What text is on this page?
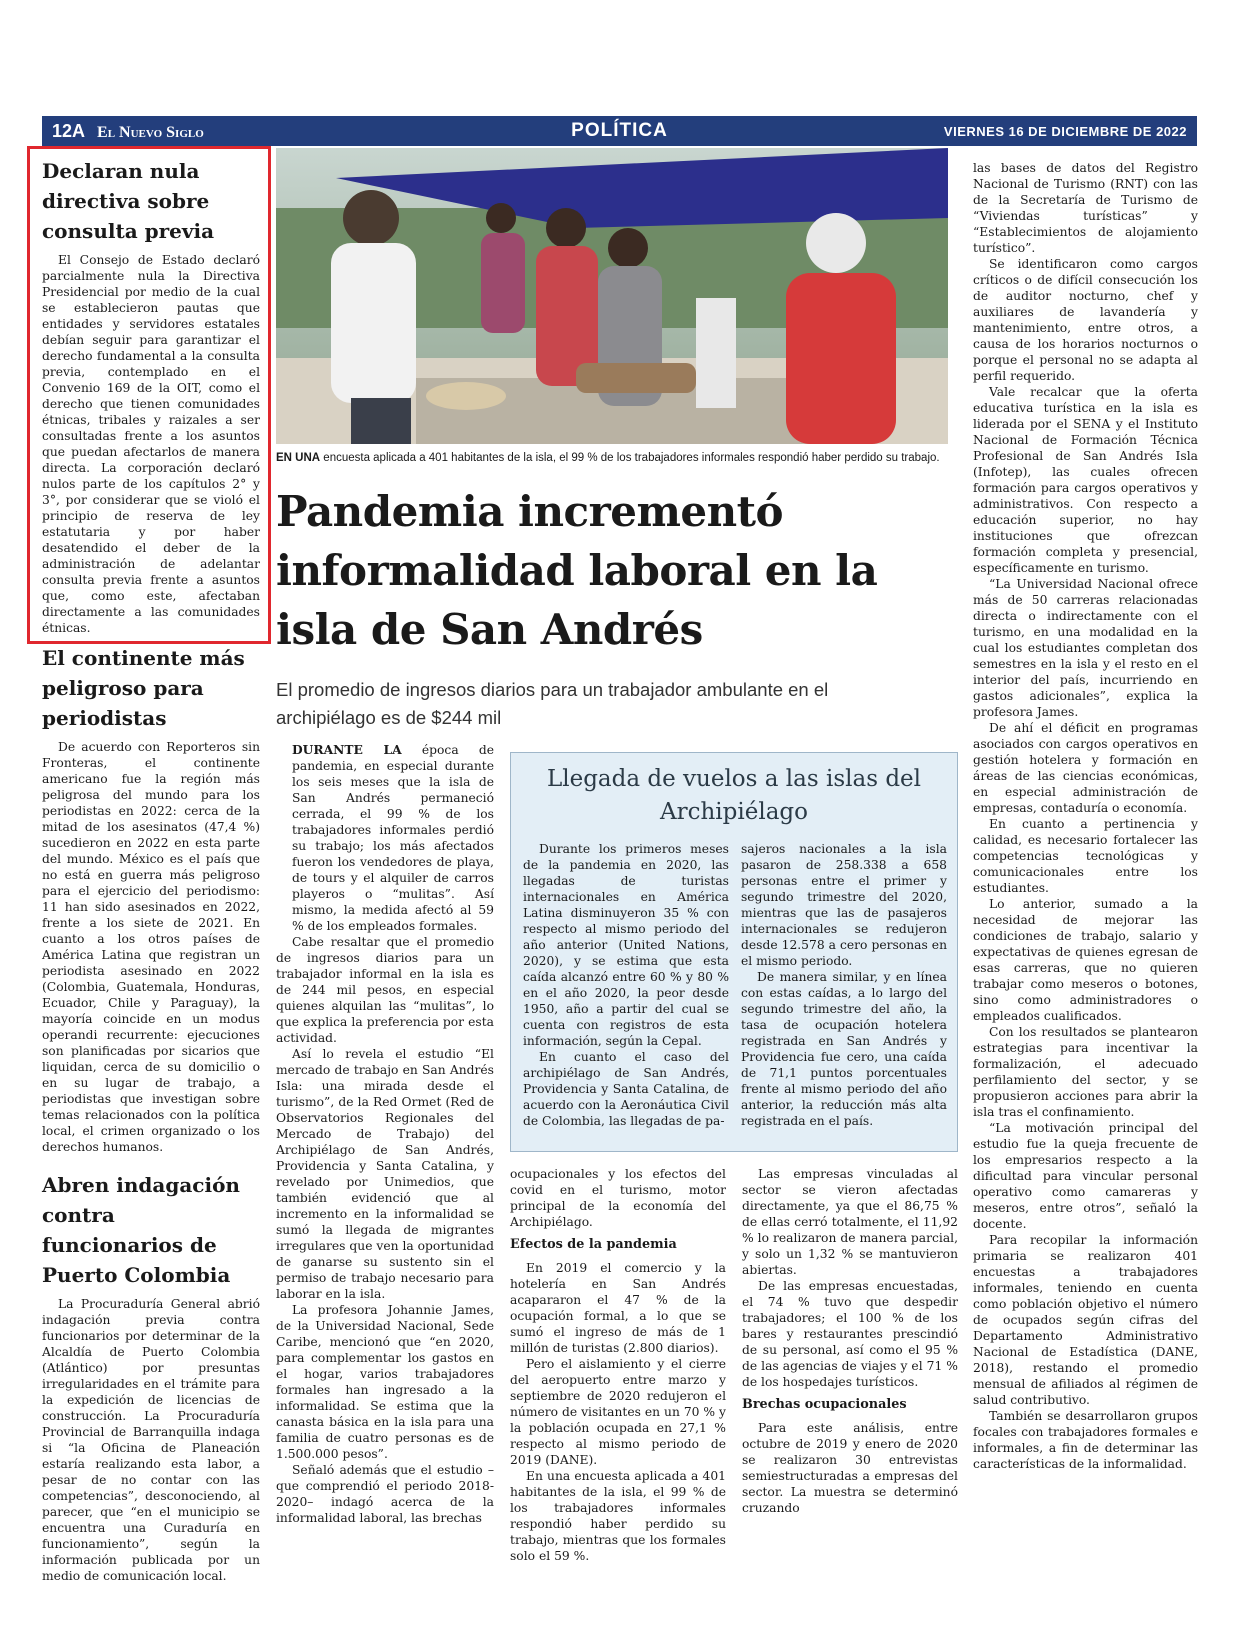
12A El Nuevo Siglo	POLÍTICA	VIERNES 16 DE DICIEMBRE DE 2022
Declaran nula directiva sobre consulta previa

El Consejo de Estado declaró parcialmente nula la Directiva Presidencial por medio de la cual se establecieron pautas que entidades y servidores estatales debían seguir para garantizar el derecho fundamental a la consulta previa, contemplado en el Convenio 169 de la OIT, como el derecho que tienen comunidades étnicas, tribales y raizales a ser consultadas frente a los asuntos que puedan afectarlos de manera directa. La corporación declaró nulos parte de los capítulos 2° y 3°, por considerar que se violó el principio de reserva de ley estatutaria y por haber desatendido el deber de la administración de adelantar consulta previa frente a asuntos que, como este, afectaban directamente a las comunidades étnicas.

El continente más peligroso para periodistas

De acuerdo con Reporteros sin Fronteras, el continente americano fue la región más peligrosa del mundo para los periodistas en 2022: cerca de la mitad de los asesinatos (47,4 %) sucedieron en 2022 en esta parte del mundo. México es el país que no está en guerra más peligroso para el ejercicio del periodismo: 11 han sido asesinados en 2022, frente a los siete de 2021. En cuanto a los otros países de América Latina que registran un periodista asesinado en 2022 (Colombia, Guatemala, Honduras, Ecuador, Chile y Paraguay), la mayoría coincide en un modus operandi recurrente: ejecuciones son planificadas por sicarios que liquidan, cerca de su domicilio o en su lugar de trabajo, a periodistas que investigan sobre temas relacionados con la política local, el crimen organizado o los derechos humanos.

Abren indagación contra funcionarios de Puerto Colombia

La Procuraduría General abrió indagación previa contra funcionarios por determinar de la Alcaldía de Puerto Colombia (Atlántico) por presuntas irregularidades en el trámite para la expedición de licencias de construcción. La Procuraduría Provincial de Barranquilla indaga si “la Oficina de Planeación estaría realizando esta labor, a pesar de no contar con las competencias”, desconociendo, al parecer, que “en el municipio se encuentra una Curaduría en funcionamiento”, según la información publicada por un medio de comunicación local.

EN UNA encuesta aplicada a 401 habitantes de la isla, el 99 % de los trabajadores informales respondió haber perdido su trabajo.
Pandemia incrementó informalidad laboral en la isla de San Andrés
El promedio de ingresos diarios para un trabajador ambulante en el archipiélago es de $244 mil

DURANTE LA época de pandemia, en especial durante los seis meses que la isla de San Andrés permaneció cerrada, el 99 % de los trabajadores informales perdió su trabajo; los más afectados fueron los vendedores de playa, de tours y el alquiler de carros playeros o “mulitas”. Así mismo, la medida afectó al 59 % de los empleados formales.

Cabe resaltar que el promedio de ingresos diarios para un trabajador informal en la isla es de 244 mil pesos, en especial quienes alquilan las “mulitas”, lo que explica la preferencia por esta actividad.

Así lo revela el estudio “El mercado de trabajo en San Andrés Isla: una mirada desde el turismo”, de la Red Ormet (Red de Observatorios Regionales del Mercado de Trabajo) del Archipiélago de San Andrés, Providencia y Santa Catalina, y revelado por Unimedios, que también evidenció que al incremento en la informalidad se sumó la llegada de migrantes irregulares que ven la oportunidad de ganarse su sustento sin el permiso de trabajo necesario para laborar en la isla.

La profesora Johannie James, de la Universidad Nacional, Sede Caribe, mencionó que “en 2020, para complementar los gastos en el hogar, varios trabajadores formales han ingresado a la informalidad. Se estima que la canasta básica en la isla para una familia de cuatro personas es de 1.500.000 pesos”.

Señaló además que el estudio –que comprendió el periodo 2018-2020– indagó acerca de la informalidad laboral, las brechas

ocupacionales y los efectos del covid en el turismo, motor principal de la economía del Archipiélago.

Efectos de la pandemia

En 2019 el comercio y la hotelería en San Andrés acapararon el 47 % de la ocupación formal, a lo que se sumó el ingreso de más de 1 millón de turistas (2.800 diarios).

Pero el aislamiento y el cierre del aeropuerto entre marzo y septiembre de 2020 redujeron el número de visitantes en un 70 % y la población ocupada en 27,1 % respecto al mismo periodo de 2019 (DANE).

En una encuesta aplicada a 401 habitantes de la isla, el 99 % de los trabajadores informales respondió haber perdido su trabajo, mientras que los formales solo el 59 %.

Las empresas vinculadas al sector se vieron afectadas directamente, ya que el 86,75 % de ellas cerró totalmente, el 11,92 % lo realizaron de manera parcial, y solo un 1,32 % se mantuvieron abiertas.

De las empresas encuestadas, el 74 % tuvo que despedir trabajadores; el 100 % de los bares y restaurantes prescindió de su personal, así como el 95 % de las agencias de viajes y el 71 % de los hospedajes turísticos.

Brechas ocupacionales

Para este análisis, entre octubre de 2019 y enero de 2020 se realizaron 30 entrevistas semiestructuradas a empresas del sector. La muestra se determinó cruzando

las bases de datos del Registro Nacional de Turismo (RNT) con las de la Secretaría de Turismo de “Viviendas turísticas” y “Establecimientos de alojamiento turístico”.

Se identificaron como cargos críticos o de difícil consecución los de auditor nocturno, chef y auxiliares de lavandería y mantenimiento, entre otros, a causa de los horarios nocturnos o porque el personal no se adapta al perfil requerido.

Vale recalcar que la oferta educativa turística en la isla es liderada por el SENA y el Instituto Nacional de Formación Técnica Profesional de San Andrés Isla (Infotep), las cuales ofrecen formación para cargos operativos y administrativos. Con respecto a educación superior, no hay instituciones que ofrezcan formación completa y presencial, específicamente en turismo.

“La Universidad Nacional ofrece más de 50 carreras relacionadas directa o indirectamente con el turismo, en una modalidad en la cual los estudiantes completan dos semestres en la isla y el resto en el interior del país, incurriendo en gastos adicionales”, explica la profesora James.

De ahí el déficit en programas asociados con cargos operativos en gestión hotelera y formación en áreas de las ciencias económicas, en especial administración de empresas, contaduría o economía.

En cuanto a pertinencia y calidad, es necesario fortalecer las competencias tecnológicas y comunicacionales entre los estudiantes.

Lo anterior, sumado a la necesidad de mejorar las condiciones de trabajo, salario y expectativas de quienes egresan de esas carreras, que no quieren trabajar como meseros o botones, sino como administradores o empleados cualificados.

Con los resultados se plantearon estrategias para incentivar la formalización, el adecuado perfilamiento del sector, y se propusieron acciones para abrir la isla tras el confinamiento.

“La motivación principal del estudio fue la queja frecuente de los empresarios respecto a la dificultad para vincular personal operativo como camareras y meseros, entre otros”, señaló la docente.

Para recopilar la información primaria se realizaron 401 encuestas a trabajadores informales, teniendo en cuenta como población objetivo el número de ocupados según cifras del Departamento Administrativo Nacional de Estadística (DANE, 2018), restando el promedio mensual de afiliados al régimen de salud contributivo.

También se desarrollaron grupos focales con trabajadores formales e informales, a fin de determinar las características de la informalidad.

Llegada de vuelos a las islas del Archipiélago

Durante los primeros meses de la pandemia en 2020, las llegadas de turistas internacionales en América Latina disminuyeron 35 % con respecto al mismo periodo del año anterior (United Nations, 2020), y se estima que esta caída alcanzó entre 60 % y 80 % en el año 2020, la peor desde 1950, año a partir del cual se cuenta con registros de esta información, según la Cepal.

En cuanto el caso del archipiélago de San Andrés, Providencia y Santa Catalina, de acuerdo con la Aeronáutica Civil de Colombia, las llegadas de pa-

sajeros nacionales a la isla pasaron de 258.338 a 658 personas entre el primer y segundo trimestre del 2020, mientras que las de pasajeros internacionales se redujeron desde 12.578 a cero personas en el mismo periodo.

De manera similar, y en línea con estas caídas, a lo largo del segundo trimestre del año, la tasa de ocupación hotelera registrada en San Andrés y Providencia fue cero, una caída de 71,1 puntos porcentuales frente al mismo periodo del año anterior, la reducción más alta registrada en el país.
